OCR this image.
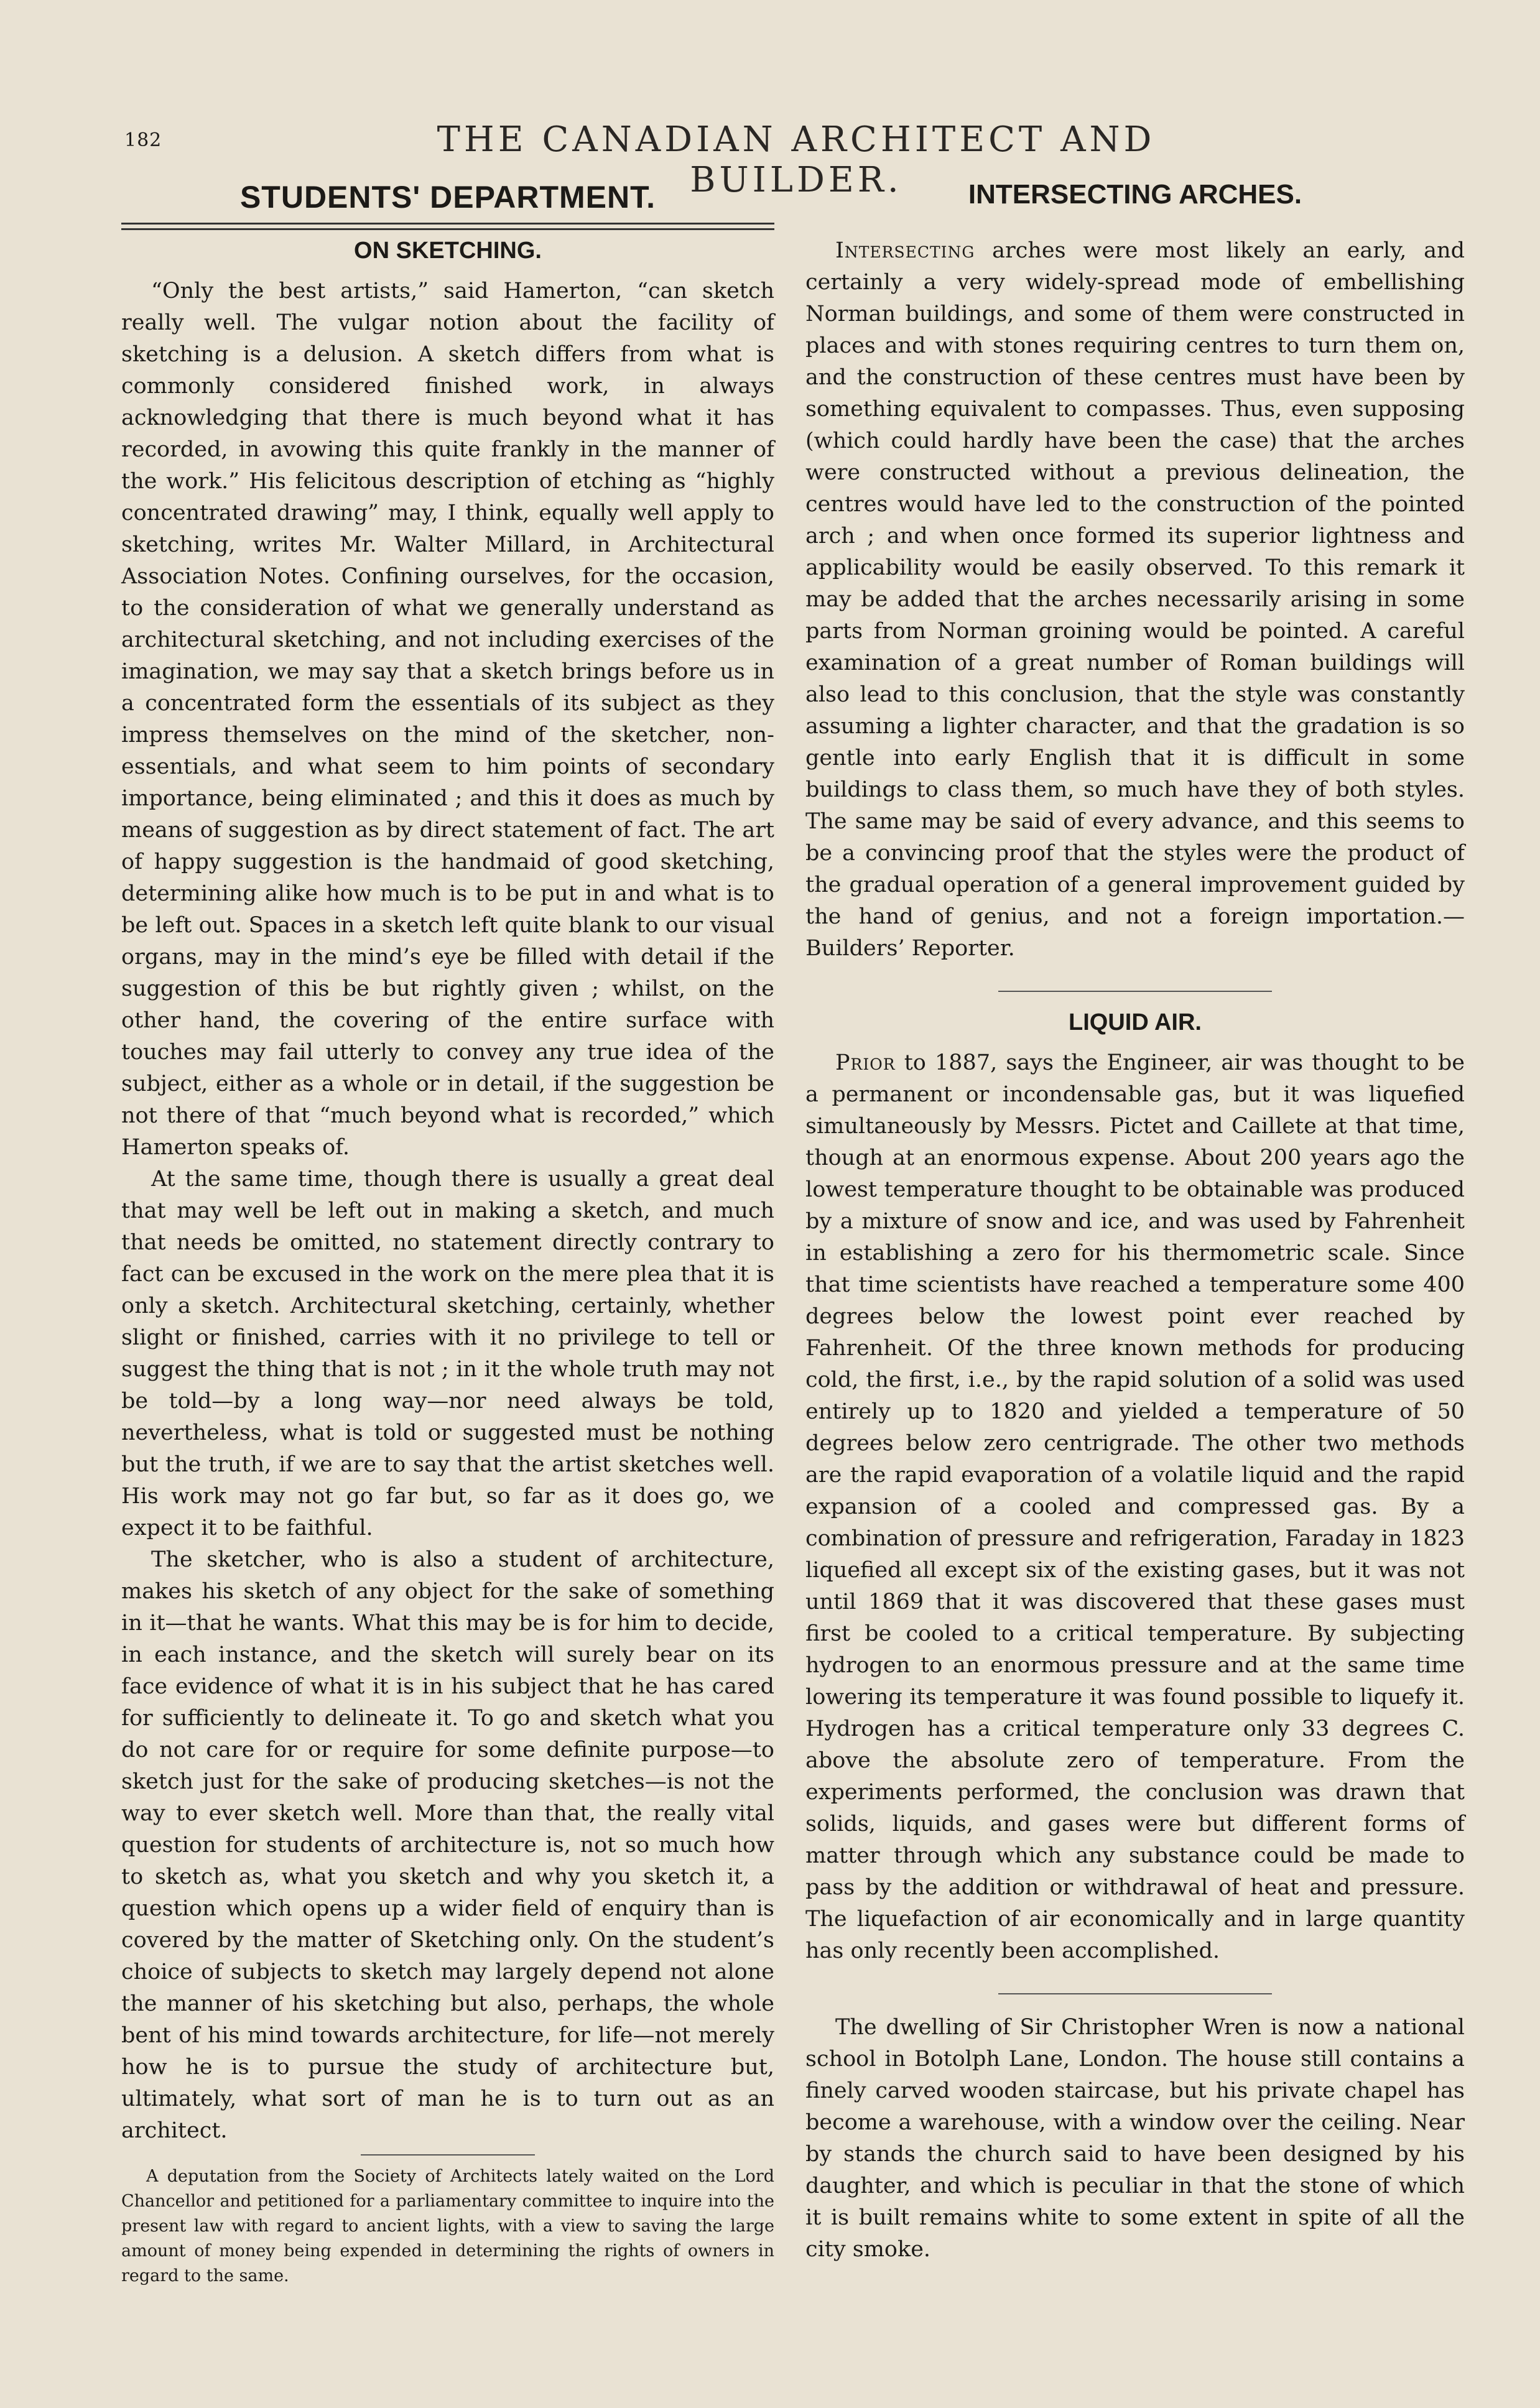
182	THE CANADIAN ARCHITECT AND BUILDER.
STUDENTS' DEPARTMENT.
ON SKETCHING.

“Only the best artists,” said Hamerton, “can sketch really well. The vulgar notion about the facility of sketching is a delusion. A sketch differs from what is commonly considered finished work, in always acknowledging that there is much beyond what it has recorded, in avowing this quite frankly in the manner of the work.” His felicitous description of etching as “highly concentrated drawing” may, I think, equally well apply to sketching, writes Mr. Walter Millard, in Architectural Association Notes. Confining ourselves, for the occasion, to the consideration of what we generally understand as architectural sketching, and not including exercises of the imagination, we may say that a sketch brings before us in a concentrated form the essentials of its subject as they impress themselves on the mind of the sketcher, non-essentials, and what seem to him points of secondary importance, being eliminated ; and this it does as much by means of suggestion as by direct statement of fact. The art of happy suggestion is the handmaid of good sketching, determining alike how much is to be put in and what is to be left out. Spaces in a sketch left quite blank to our visual organs, may in the mind’s eye be filled with detail if the suggestion of this be but rightly given ; whilst, on the other hand, the covering of the entire surface with touches may fail utterly to convey any true idea of the subject, either as a whole or in detail, if the suggestion be not there of that “much beyond what is recorded,” which Hamerton speaks of.

At the same time, though there is usually a great deal that may well be left out in making a sketch, and much that needs be omitted, no statement directly contrary to fact can be excused in the work on the mere plea that it is only a sketch. Architectural sketching, certainly, whether slight or finished, carries with it no privilege to tell or suggest the thing that is not ; in it the whole truth may not be told—by a long way—nor need always be told, nevertheless, what is told or suggested must be nothing but the truth, if we are to say that the artist sketches well. His work may not go far but, so far as it does go, we expect it to be faithful.

The sketcher, who is also a student of architecture, makes his sketch of any object for the sake of something in it—that he wants. What this may be is for him to decide, in each instance, and the sketch will surely bear on its face evidence of what it is in his subject that he has cared for sufficiently to delineate it. To go and sketch what you do not care for or require for some definite purpose—to sketch just for the sake of producing sketches—is not the way to ever sketch well. More than that, the really vital question for students of architecture is, not so much how to sketch as, what you sketch and why you sketch it, a question which opens up a wider field of enquiry than is covered by the matter of Sketching only. On the student’s choice of subjects to sketch may largely depend not alone the manner of his sketching but also, perhaps, the whole bent of his mind towards architecture, for life—not merely how he is to pursue the study of architecture but, ultimately, what sort of man he is to turn out as an architect.

A deputation from the Society of Architects lately waited on the Lord Chancellor and petitioned for a parliamentary committee to inquire into the present law with regard to ancient lights, with a view to saving the large amount of money being expended in determining the rights of owners in regard to the same.

INTERSECTING ARCHES.

Intersecting arches were most likely an early, and certainly a very widely-spread mode of embellishing Norman buildings, and some of them were constructed in places and with stones requiring centres to turn them on, and the construction of these centres must have been by something equivalent to compasses. Thus, even supposing (which could hardly have been the case) that the arches were constructed without a previous delineation, the centres would have led to the construction of the pointed arch ; and when once formed its superior lightness and applicability would be easily observed. To this remark it may be added that the arches necessarily arising in some parts from Norman groining would be pointed. A careful examination of a great number of Roman buildings will also lead to this conclusion, that the style was constantly assuming a lighter character, and that the gradation is so gentle into early English that it is difficult in some buildings to class them, so much have they of both styles. The same may be said of every advance, and this seems to be a convincing proof that the styles were the product of the gradual operation of a general improvement guided by the hand of genius, and not a foreign importation.—Builders’ Reporter.

LIQUID AIR.

Prior to 1887, says the Engineer, air was thought to be a permanent or incondensable gas, but it was liquefied simultaneously by Messrs. Pictet and Caillete at that time, though at an enormous expense. About 200 years ago the lowest temperature thought to be obtainable was produced by a mixture of snow and ice, and was used by Fahrenheit in establishing a zero for his thermometric scale. Since that time scientists have reached a temperature some 400 degrees below the lowest point ever reached by Fahrenheit. Of the three known methods for producing cold, the first, i.e., by the rapid solution of a solid was used entirely up to 1820 and yielded a temperature of 50 degrees below zero centrigrade. The other two methods are the rapid evaporation of a volatile liquid and the rapid expansion of a cooled and compressed gas. By a combination of pressure and refrigeration, Faraday in 1823 liquefied all except six of the existing gases, but it was not until 1869 that it was discovered that these gases must first be cooled to a critical temperature. By subjecting hydrogen to an enormous pressure and at the same time lowering its temperature it was found possible to liquefy it. Hydrogen has a critical temperature only 33 degrees C. above the absolute zero of temperature. From the experiments performed, the conclusion was drawn that solids, liquids, and gases were but different forms of matter through which any substance could be made to pass by the addition or withdrawal of heat and pressure. The liquefaction of air economically and in large quantity has only recently been accomplished.

The dwelling of Sir Christopher Wren is now a national school in Botolph Lane, London. The house still contains a finely carved wooden staircase, but his private chapel has become a warehouse, with a window over the ceiling. Near by stands the church said to have been designed by his daughter, and which is peculiar in that the stone of which it is built remains white to some extent in spite of all the city smoke.
